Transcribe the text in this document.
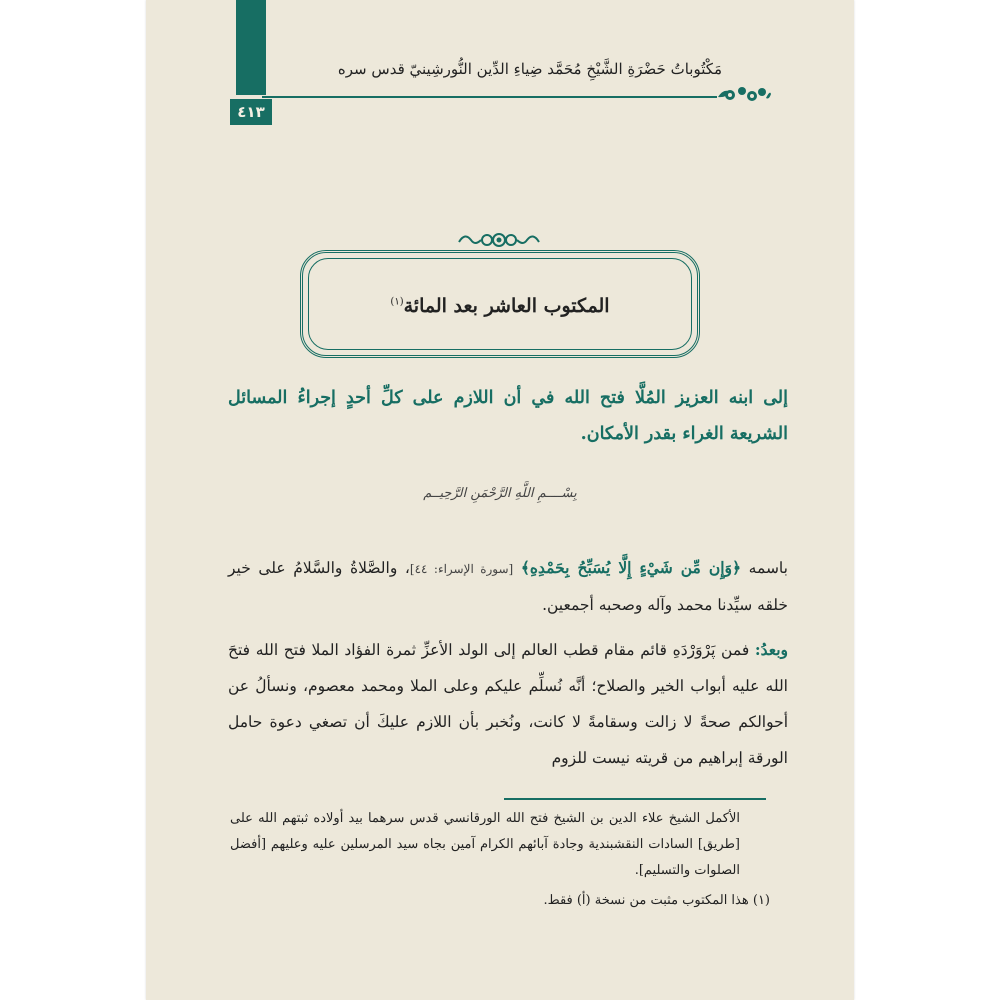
٤١٣
مَكْتُوباتُ حَضْرَةِ الشَّيْخِ مُحَمَّد ضِياءِ الدِّين النُّورشِينيّ قدس سره
المكتوب العاشر بعد المائة$^{(١)}$
إلى ابنه العزيز المُلَّا فتح الله في أن اللازم على كلِّ أحدٍ إجراءُ المسائل الشريعة الغراء بقدر الأمكان.
بِسْــــمِ اللَّهِ الرَّحْمَنِ الرَّحِيــم
باسمه ﴿وَإِن مِّن شَيْءٍ إِلَّا يُسَبِّحُ بِحَمْدِهِ﴾ [سورة الإسراء: ٤٤]، والصَّلاةُ والسَّلامُ على خير خلقه سيِّدنا محمد وآله وصحبه أجمعين.
وبعدُ: فمن پَرْوَرْدَهِ قائم مقام قطب العالم إلى الولد الأعزِّ ثمرة الفؤاد الملا فتح الله فتحَ الله عليه أبواب الخير والصلاح؛ أنَّه نُسلِّم عليكم وعلى الملا ومحمد معصوم، ونسألُ عن أحوالكم صحةً لا زالت وسقامةً لا كانت، ونُخبر بأن اللازم عليكَ أن تصغي دعوة حامل الورقة إبراهيم من قريته نيست للزوم

الأكمل الشيخ علاء الدين بن الشيخ فتح الله الورقانسي قدس سرهما بيد أولاده ثبتهم الله على [طريق] السادات النقشبندية وجادة آبائهم الكرام آمين بجاه سيد المرسلين عليه وعليهم [أفضل الصلوات والتسليم].

(١) هذا المكتوب مثبت من نسخة (أ) فقط.
